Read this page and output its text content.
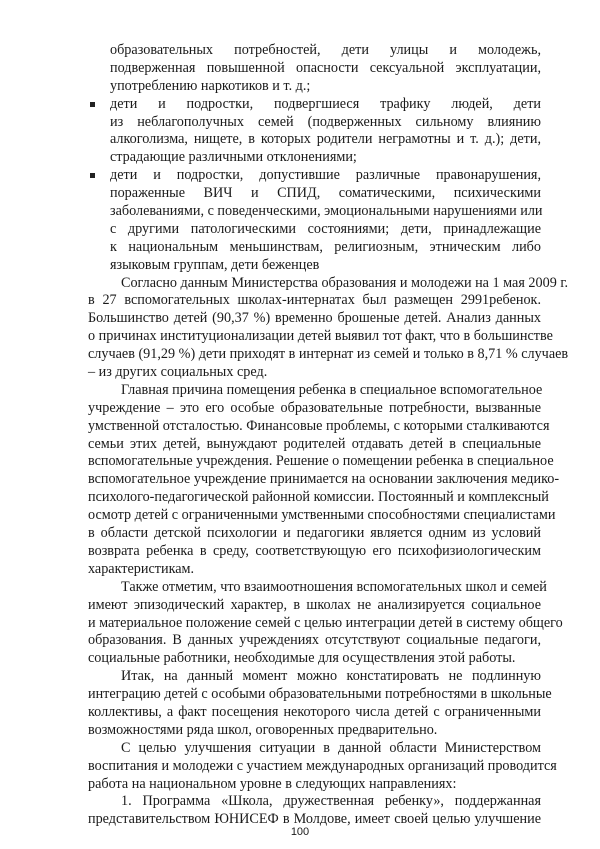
образовательных потребностей, дети улицы и молодежь,
подверженная повышенной опасности сексуальной эксплуатации,
употреблению наркотиков и т. д.;
дети и подростки, подвергшиеся трафику людей, дети
из неблагополучных семей (подверженных сильному влиянию
алкоголизма, нищете, в которых родители неграмотны и т. д.); дети,
страдающие различными отклонениями;
дети и подростки, допустившие различные правонарушения,
пораженные ВИЧ и СПИД, соматическими, психическими
заболеваниями, с поведенческими, эмоциональными нарушениями или
с другими патологическими состояниями; дети, принадлежащие
к национальным меньшинствам, религиозным, этническим либо
языковым группам, дети беженцев
Согласно данным Министерства образования и молодежи на 1 мая 2009 г.
в 27 вспомогательных школах-интернатах был размещен 2991ребенок.
Большинство детей (90,37 %) временно брошеные детей. Анализ данных
о причинах институционализации детей выявил тот факт, что в большинстве
случаев (91,29 %) дети приходят в интернат из семей и только в 8,71 % случаев
– из других социальных сред.
Главная причина помещения ребенка в специальное вспомогательное
учреждение – это его особые образовательные потребности, вызванные
умственной отсталостью. Финансовые проблемы, с которыми сталкиваются
семьи этих детей, вынуждают родителей отдавать детей в специальные
вспомогательные учреждения. Решение о помещении ребенка в специальное
вспомогательное учреждение принимается на основании заключения медико-
психолого-педагогической районной комиссии. Постоянный и комплексный
осмотр детей с ограниченными умственными способностями специалистами
в области детской психологии и педагогики является одним из условий
возврата ребенка в среду, соответствующую его психофизиологическим
характеристикам.
Также отметим, что взаимоотношения вспомогательных школ и семей
имеют эпизодический характер, в школах не анализируется социальное
и материальное положение семей с целью интеграции детей в систему общего
образования. В данных учреждениях отсутствуют социальные педагоги,
социальные работники, необходимые для осуществления этой работы.
Итак, на данный момент можно констатировать не подлинную
интеграцию детей с особыми образовательными потребностями в школьные
коллективы, а факт посещения некоторого числа детей с ограниченными
возможностями ряда школ, оговоренных предварительно.
С целью улучшения ситуации в данной области Министерством
воспитания и молодежи с участием международных организаций проводится
работа на национальном уровне в следующих направлениях:
1. Программа «Школа, дружественная ребенку», поддержанная
представительством ЮНИСЕФ в Молдове, имеет своей целью улучшение
100
